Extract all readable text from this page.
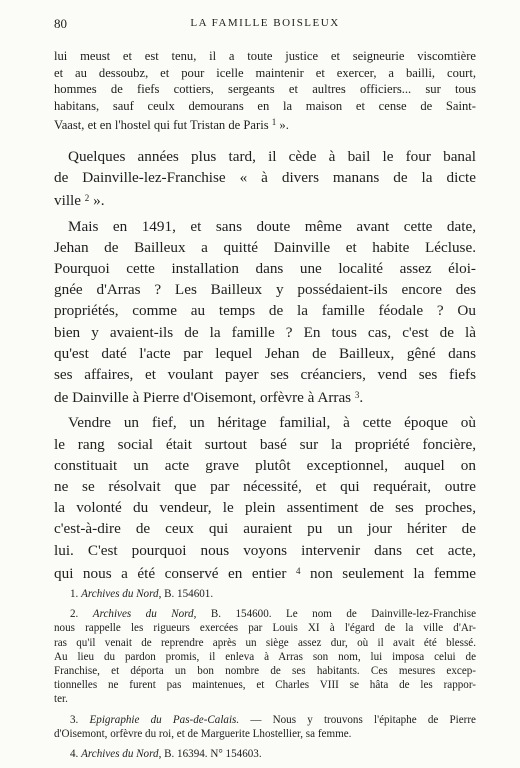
80	LA FAMILLE BOISLEUX
lui meust et est tenu, il a toute justice et seigneurie viscomtière
et au dessoubz, et pour icelle maintenir et exercer, a bailli, court,
hommes de fiefs cottiers, sergeants et aultres officiers... sur tous
habitans, sauf ceulx demourans en la maison et cense de Saint-
Vaast, et en l'hostel qui fut Tristan de Paris $^1$ ».
Quelques années plus tard, il cède à bail le four banal
de Dainville-lez-Franchise « à divers manans de la dicte
ville $^2$ ».
Mais en 1491, et sans doute même avant cette date,
Jehan de Bailleux a quitté Dainville et habite Lécluse.
Pourquoi cette installation dans une localité assez éloi-
gnée d'Arras ? Les Bailleux y possédaient-ils encore des
propriétés, comme au temps de la famille féodale ? Ou
bien y avaient-ils de la famille ? En tous cas, c'est de là
qu'est daté l'acte par lequel Jehan de Bailleux, gêné dans
ses affaires, et voulant payer ses créanciers, vend ses fiefs
de Dainville à Pierre d'Oisemont, orfèvre à Arras $^3$.
Vendre un fief, un héritage familial, à cette époque où
le rang social était surtout basé sur la propriété foncière,
constituait un acte grave plutôt exceptionnel, auquel on
ne se résolvait que par nécessité, et qui requérait, outre
la volonté du vendeur, le plein assentiment de ses proches,
c'est-à-dire de ceux qui auraient pu un jour hériter de
lui. C'est pourquoi nous voyons intervenir dans cet acte,
qui nous a été conservé en entier $^4$ non seulement la femme
1. Archives du Nord, B. 154601.
2. Archives du Nord, B. 154600. Le nom de Dainville-lez-Franchise
nous rappelle les rigueurs exercées par Louis XI à l'égard de la ville d'Ar-
ras qu'il venait de reprendre après un siège assez dur, où il avait été blessé.
Au lieu du pardon promis, il enleva à Arras son nom, lui imposa celui de
Franchise, et déporta un bon nombre de ses habitants. Ces mesures excep-
tionnelles ne furent pas maintenues, et Charles VIII se hâta de les rappor-
ter.
3. Epigraphie du Pas-de-Calais. — Nous y trouvons l'épitaphe de Pierre
d'Oisemont, orfèvre du roi, et de Marguerite Lhostellier, sa femme.
4. Archives du Nord, B. 16394. N° 154603.
